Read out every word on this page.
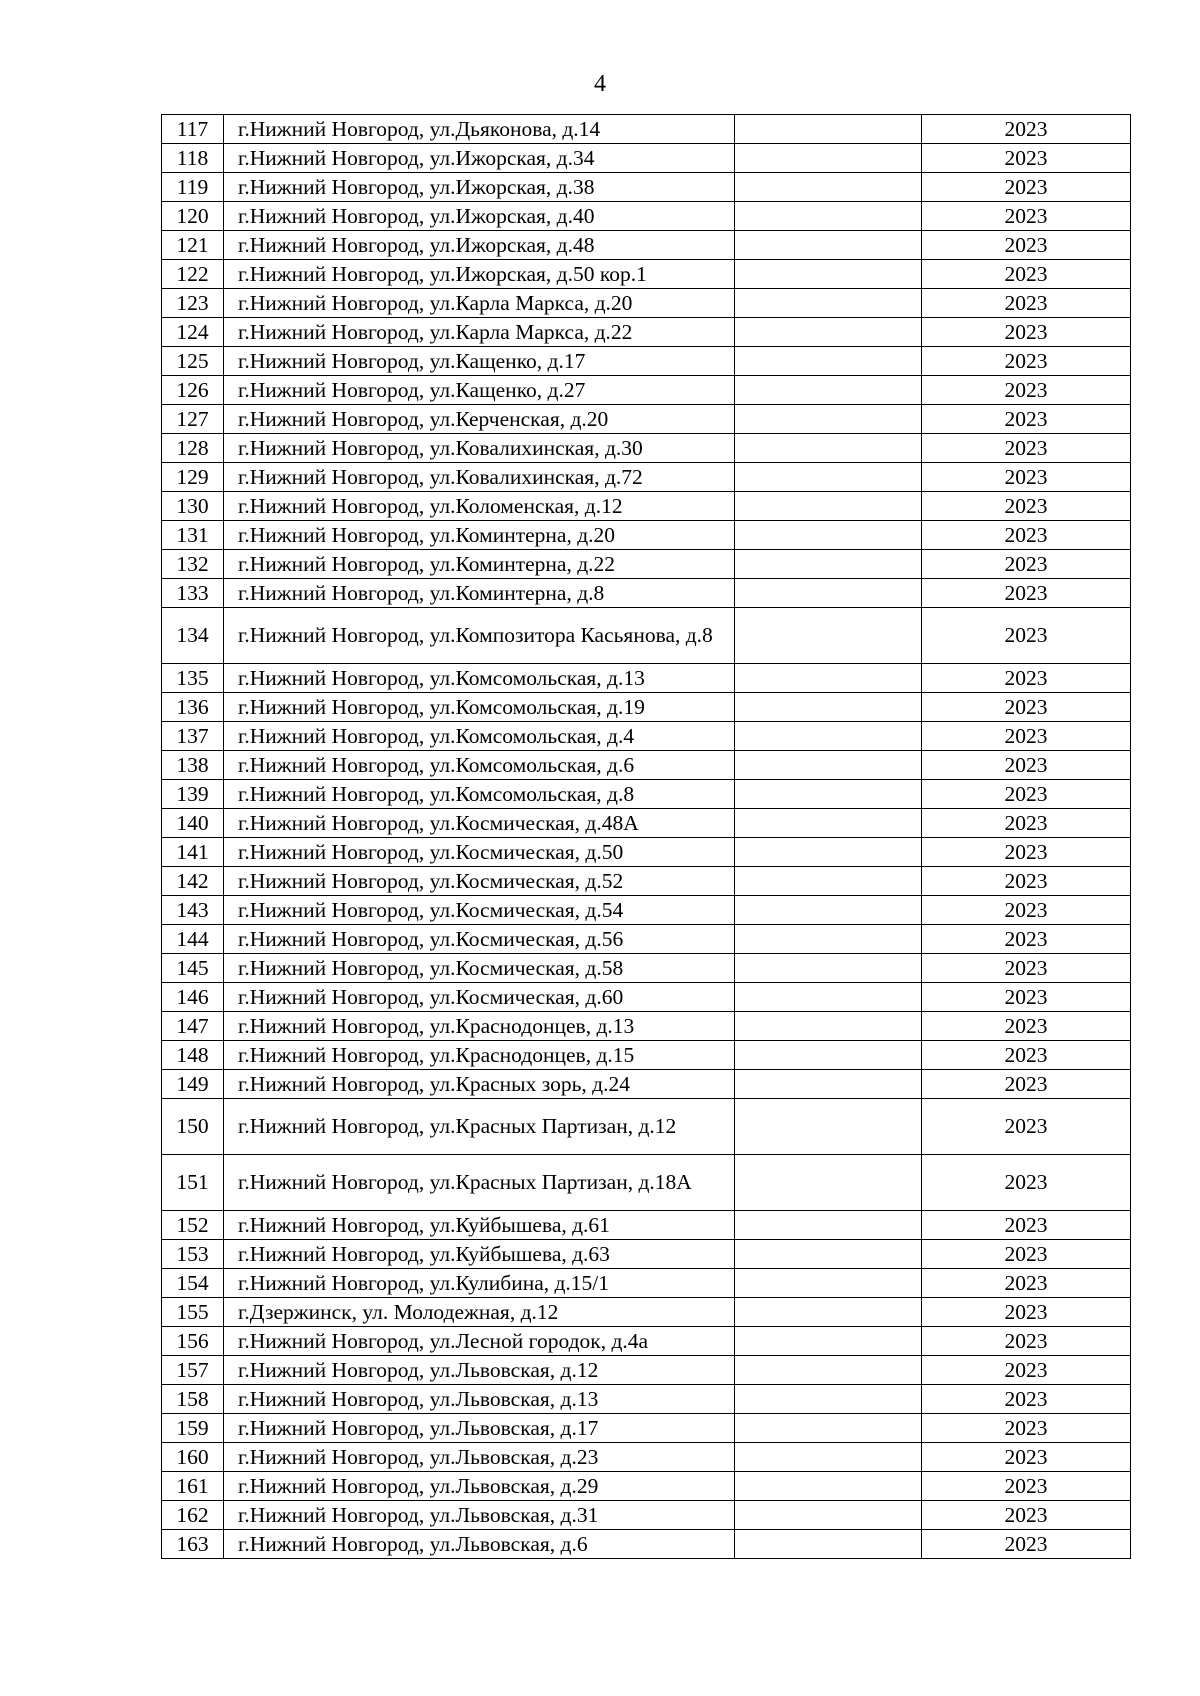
4
117	г.Нижний Новгород, ул.Дьяконова, д.14		2023
118	г.Нижний Новгород, ул.Ижорская, д.34		2023
119	г.Нижний Новгород, ул.Ижорская, д.38		2023
120	г.Нижний Новгород, ул.Ижорская, д.40		2023
121	г.Нижний Новгород, ул.Ижорская, д.48		2023
122	г.Нижний Новгород, ул.Ижорская, д.50 кор.1		2023
123	г.Нижний Новгород, ул.Карла Маркса, д.20		2023
124	г.Нижний Новгород, ул.Карла Маркса, д.22		2023
125	г.Нижний Новгород, ул.Кащенко, д.17		2023
126	г.Нижний Новгород, ул.Кащенко, д.27		2023
127	г.Нижний Новгород, ул.Керченская, д.20		2023
128	г.Нижний Новгород, ул.Ковалихинская, д.30		2023
129	г.Нижний Новгород, ул.Ковалихинская, д.72		2023
130	г.Нижний Новгород, ул.Коломенская, д.12		2023
131	г.Нижний Новгород, ул.Коминтерна, д.20		2023
132	г.Нижний Новгород, ул.Коминтерна, д.22		2023
133	г.Нижний Новгород, ул.Коминтерна, д.8		2023
134	г.Нижний Новгород, ул.Композитора Касьянова, д.8		2023
135	г.Нижний Новгород, ул.Комсомольская, д.13		2023
136	г.Нижний Новгород, ул.Комсомольская, д.19		2023
137	г.Нижний Новгород, ул.Комсомольская, д.4		2023
138	г.Нижний Новгород, ул.Комсомольская, д.6		2023
139	г.Нижний Новгород, ул.Комсомольская, д.8		2023
140	г.Нижний Новгород, ул.Космическая, д.48А		2023
141	г.Нижний Новгород, ул.Космическая, д.50		2023
142	г.Нижний Новгород, ул.Космическая, д.52		2023
143	г.Нижний Новгород, ул.Космическая, д.54		2023
144	г.Нижний Новгород, ул.Космическая, д.56		2023
145	г.Нижний Новгород, ул.Космическая, д.58		2023
146	г.Нижний Новгород, ул.Космическая, д.60		2023
147	г.Нижний Новгород, ул.Краснодонцев, д.13		2023
148	г.Нижний Новгород, ул.Краснодонцев, д.15		2023
149	г.Нижний Новгород, ул.Красных зорь, д.24		2023
150	г.Нижний Новгород, ул.Красных Партизан, д.12		2023
151	г.Нижний Новгород, ул.Красных Партизан, д.18А		2023
152	г.Нижний Новгород, ул.Куйбышева, д.61		2023
153	г.Нижний Новгород, ул.Куйбышева, д.63		2023
154	г.Нижний Новгород, ул.Кулибина, д.15/1		2023
155	г.Дзержинск, ул. Молодежная, д.12		2023
156	г.Нижний Новгород, ул.Лесной городок, д.4а		2023
157	г.Нижний Новгород, ул.Львовская, д.12		2023
158	г.Нижний Новгород, ул.Львовская, д.13		2023
159	г.Нижний Новгород, ул.Львовская, д.17		2023
160	г.Нижний Новгород, ул.Львовская, д.23		2023
161	г.Нижний Новгород, ул.Львовская, д.29		2023
162	г.Нижний Новгород, ул.Львовская, д.31		2023
163	г.Нижний Новгород, ул.Львовская, д.6		2023
